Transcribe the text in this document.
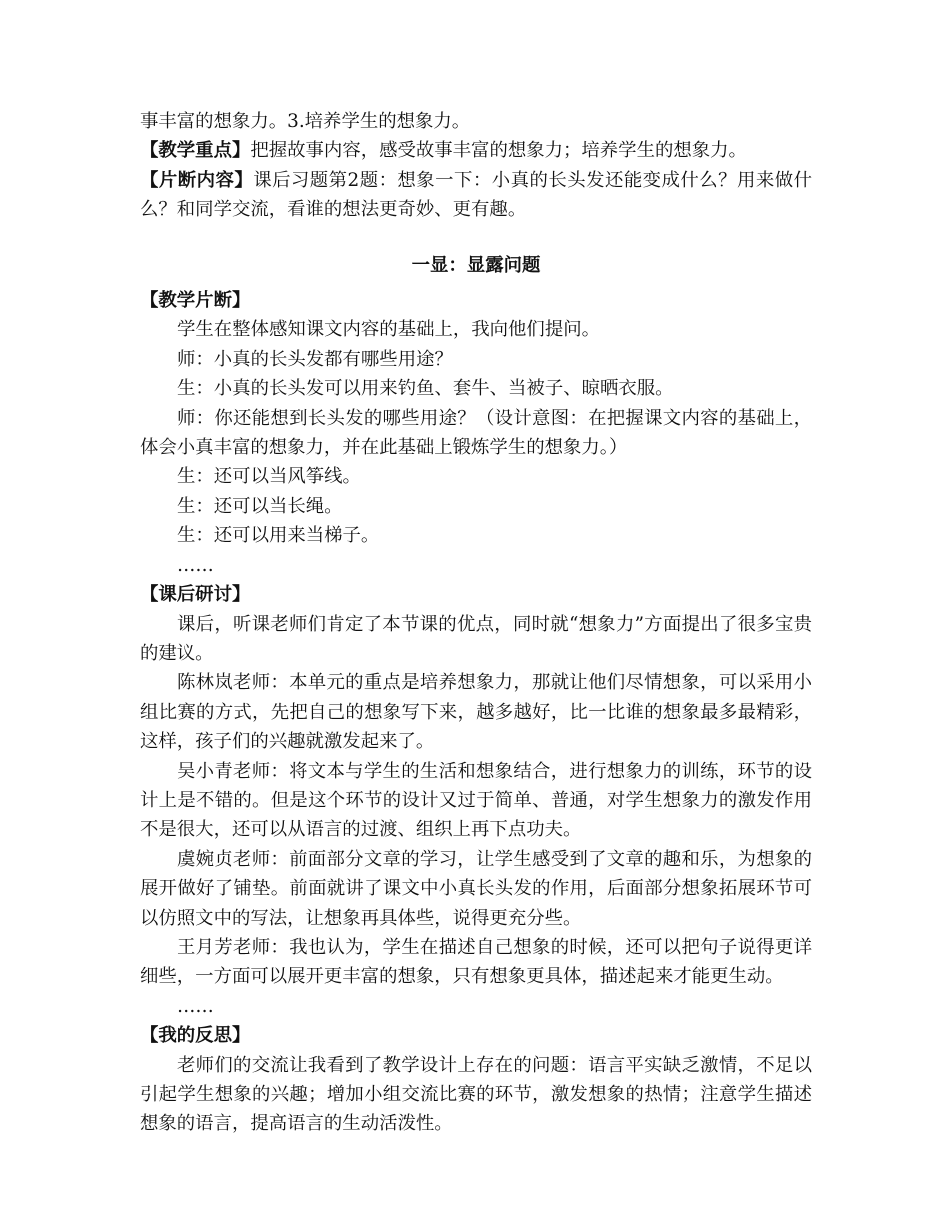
事丰富的想象力。3.培养学生的想象力。

【教学重点】把握故事内容，感受故事丰富的想象力；培养学生的想象力。

【片断内容】课后习题第2题：想象一下：小真的长头发还能变成什么？用来做什么？和同学交流，看谁的想法更奇妙、更有趣。

一显：显露问题

【教学片断】

学生在整体感知课文内容的基础上，我向他们提问。

师：小真的长头发都有哪些用途？

生：小真的长头发可以用来钓鱼、套牛、当被子、晾晒衣服。

师：你还能想到长头发的哪些用途？（设计意图：在把握课文内容的基础上，体会小真丰富的想象力，并在此基础上锻炼学生的想象力。）

生：还可以当风筝线。

生：还可以当长绳。

生：还可以用来当梯子。

……

【课后研讨】

课后，听课老师们肯定了本节课的优点，同时就“想象力”方面提出了很多宝贵的建议。

陈林岚老师：本单元的重点是培养想象力，那就让他们尽情想象，可以采用小组比赛的方式，先把自己的想象写下来，越多越好，比一比谁的想象最多最精彩，这样，孩子们的兴趣就激发起来了。

吴小青老师：将文本与学生的生活和想象结合，进行想象力的训练，环节的设计上是不错的。但是这个环节的设计又过于简单、普通，对学生想象力的激发作用不是很大，还可以从语言的过渡、组织上再下点功夫。

虞婉贞老师：前面部分文章的学习，让学生感受到了文章的趣和乐，为想象的展开做好了铺垫。前面就讲了课文中小真长头发的作用，后面部分想象拓展环节可以仿照文中的写法，让想象再具体些，说得更充分些。

王月芳老师：我也认为，学生在描述自己想象的时候，还可以把句子说得更详细些，一方面可以展开更丰富的想象，只有想象更具体，描述起来才能更生动。

……

【我的反思】

老师们的交流让我看到了教学设计上存在的问题：语言平实缺乏激情，不足以引起学生想象的兴趣；增加小组交流比赛的环节，激发想象的热情；注意学生描述想象的语言，提高语言的生动活泼性。
